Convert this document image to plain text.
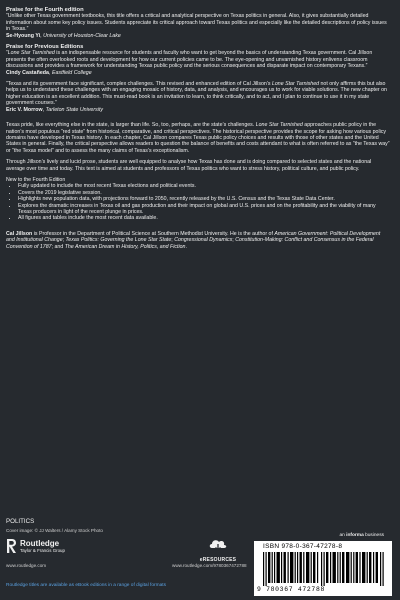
Praise for the Fourth edition

“Unlike other Texas government textbooks, this title offers a critical and analytical perspective on Texas politics in general. Also, it gives substantially detailed information about some key policy issues. Students appreciate its critical approach toward Texas politics and especially like the detailed descriptions of policy issues in Texas.”

Se-Hyoung Yi, University of Houston-Clear Lake

Praise for Previous Editions

“Lone Star Tarnished is an indispensable resource for students and faculty who want to get beyond the basics of understanding Texas government. Cal Jillson presents the often overlooked roots and development for how our current policies came to be. The eye-opening and unvarnished history enlivens classroom discussions and provides a framework for understanding Texas public policy and the serious consequences and disparate impact on contemporary Texans.”

Cindy Castañeda, Eastfield College

“Texas and its government face significant, complex challenges. This revised and enhanced edition of Cal Jillson’s Lone Star Tarnished not only affirms this but also helps us to understand these challenges with an engaging mosaic of history, data, and analysis, and encourages us to work for viable solutions. The new chapter on higher education is an excellent addition. This must-read book is an invitation to learn, to think critically, and to act, and I plan to continue to use it in my state government courses.”

Eric V. Morrow, Tarleton State University

Texas pride, like everything else in the state, is larger than life. So, too, perhaps, are the state’s challenges. Lone Star Tarnished approaches public policy in the nation’s most populous “red state” from historical, comparative, and critical perspectives. The historical perspective provides the scope for asking how various policy domains have developed in Texas history. In each chapter, Cal Jillson compares Texas public policy choices and results with those of other states and the United States in general. Finally, the critical perspective allows readers to question the balance of benefits and costs attendant to what is often referred to as “the Texas way” or “the Texas model” and to assess the many claims of Texas’s exceptionalism.

Through Jillson’s lively and lucid prose, students are well equipped to analyse how Texas has done and is doing compared to selected states and the national average over time and today. This text is aimed at students and professors of Texas politics who want to stress history, political culture, and public policy.

New to the Fourth Edition

• Fully updated to include the most recent Texas elections and political events.
• Covers the 2019 legislative session.
• Highlights new population data, with projections forward to 2050, recently released by the U.S. Census and the Texas State Data Center.
• Explores the dramatic increases in Texas oil and gas production and their impact on global and U.S. prices and on the profitability and the viability of many Texas producers in light of the recent plunge in prices.
• All figures and tables include the most recent data available.

Cal Jillson is Professor in the Department of Political Science at Southern Methodist University. He is the author of American Government: Political Development and Institutional Change; Texas Politics: Governing the Lone Star State; Congressional Dynamics; Constitution-Making: Conflict and Consensus in the Federal Convention of 1787; and The American Dream in History, Politics, and Fiction.

POLITICS
Cover image: © JJ Walters / Alamy Stock Photo
Routledge
Taylor & Francis Group
www.routledge.com
eRESOURCES
www.routledge.com/9780367472788
an informa business
ISBN 978-0-367-47278-8
9 780367 472788
Routledge titles are available as eBook editions in a range of digital formats
